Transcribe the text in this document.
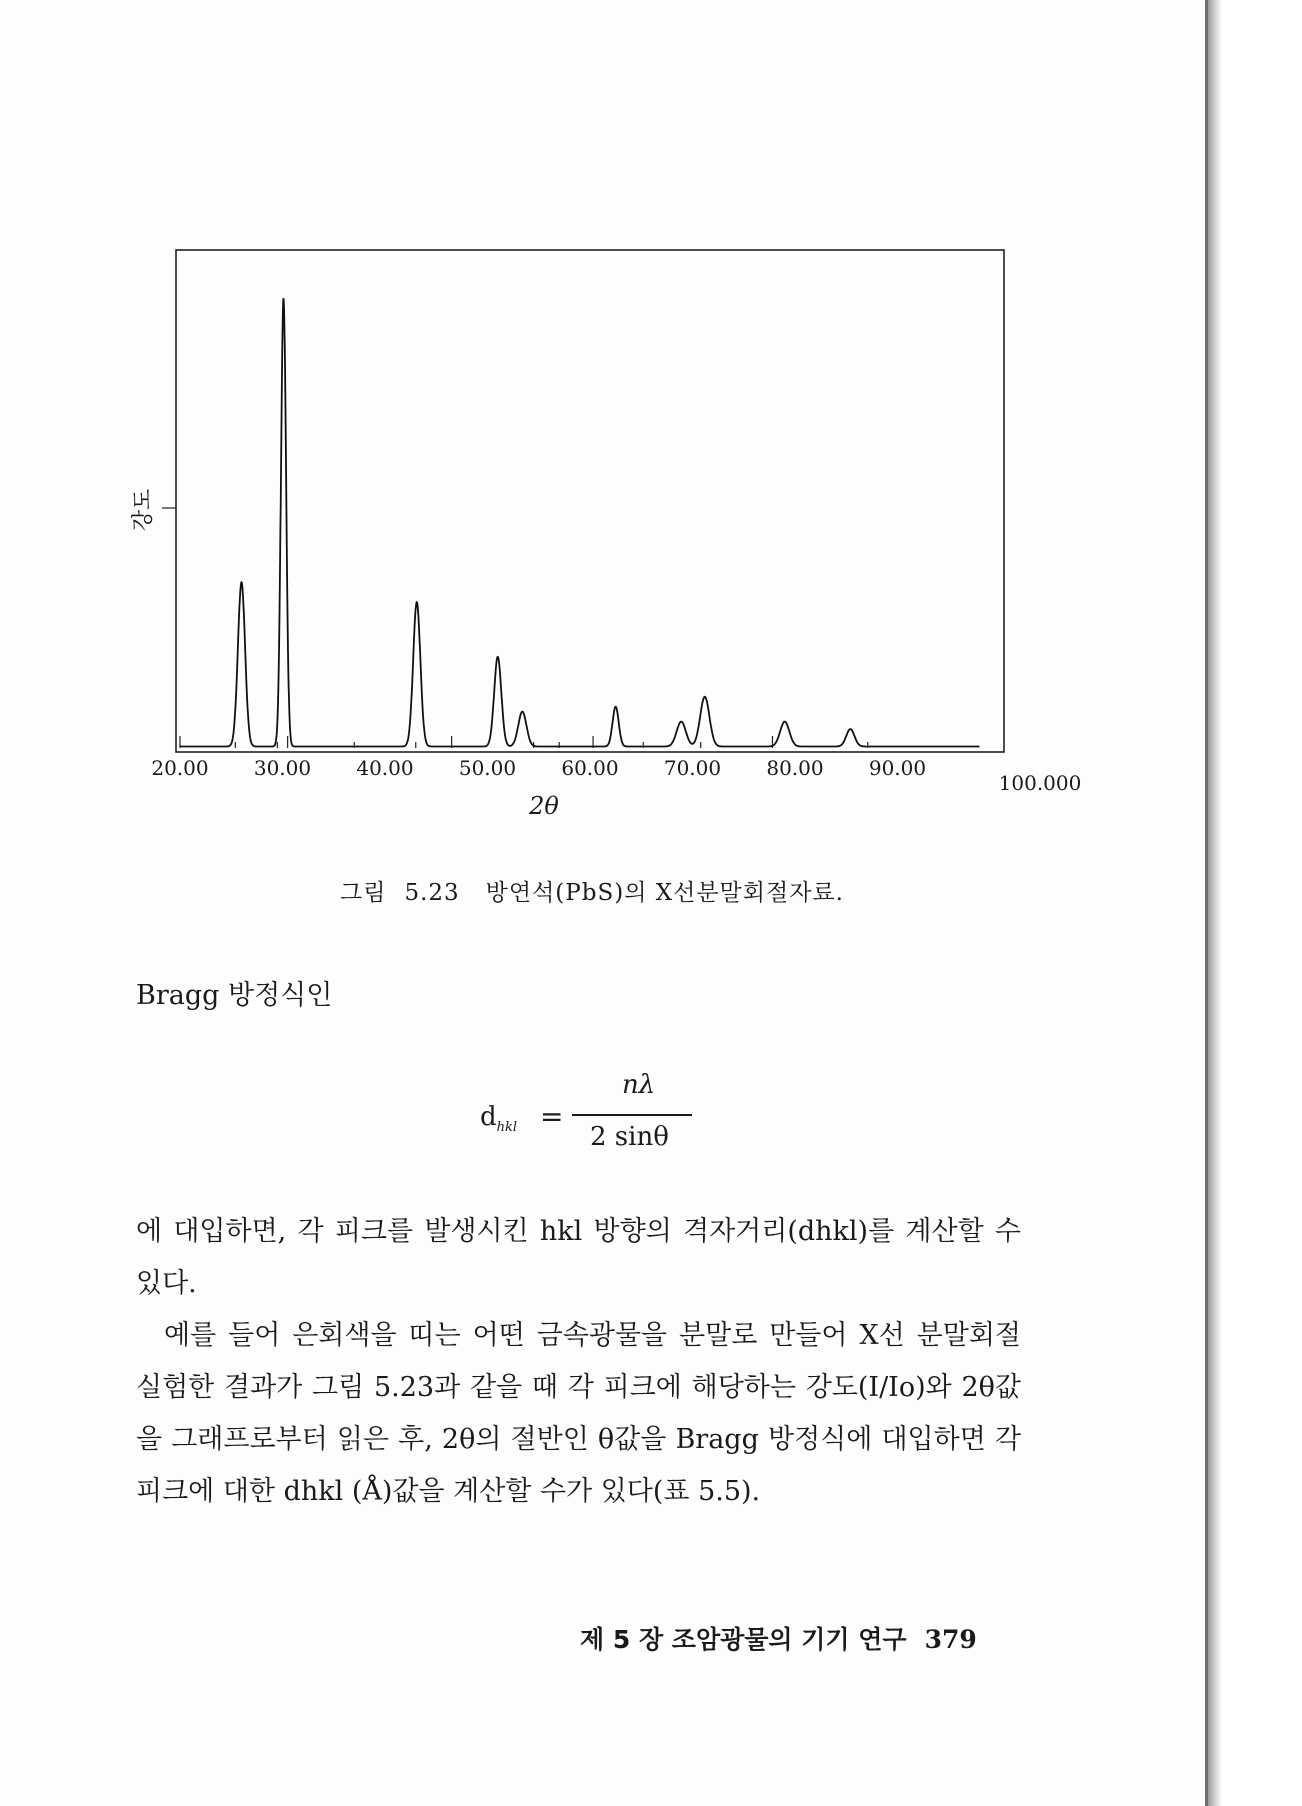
강도
20.00 30.00 40.00 50.00 60.00 70.00 80.00 90.00
100.000
2θ
그림 5.23 방연석(PbS)의 X선분말회절자료.
Bragg 방정식인
$d_{hkl}$ =
nλ
2 sinθ
에 대입하면, 각 피크를 발생시킨 hkl 방향의 격자거리(dhkl)를 계산할 수 있다.
예를 들어 은회색을 띠는 어떤 금속광물을 분말로 만들어 X선 분말회절 실험한 결과가 그림 5.23과 같을 때 각 피크에 해당하는 강도(I/Io)와 2θ값을 그래프로부터 읽은 후, 2θ의 절반인 θ값을 Bragg 방정식에 대입하면 각 피크에 대한 dhkl (Å)값을 계산할 수가 있다(표 5.5).
제 5 장 조암광물의 기기 연구 379
